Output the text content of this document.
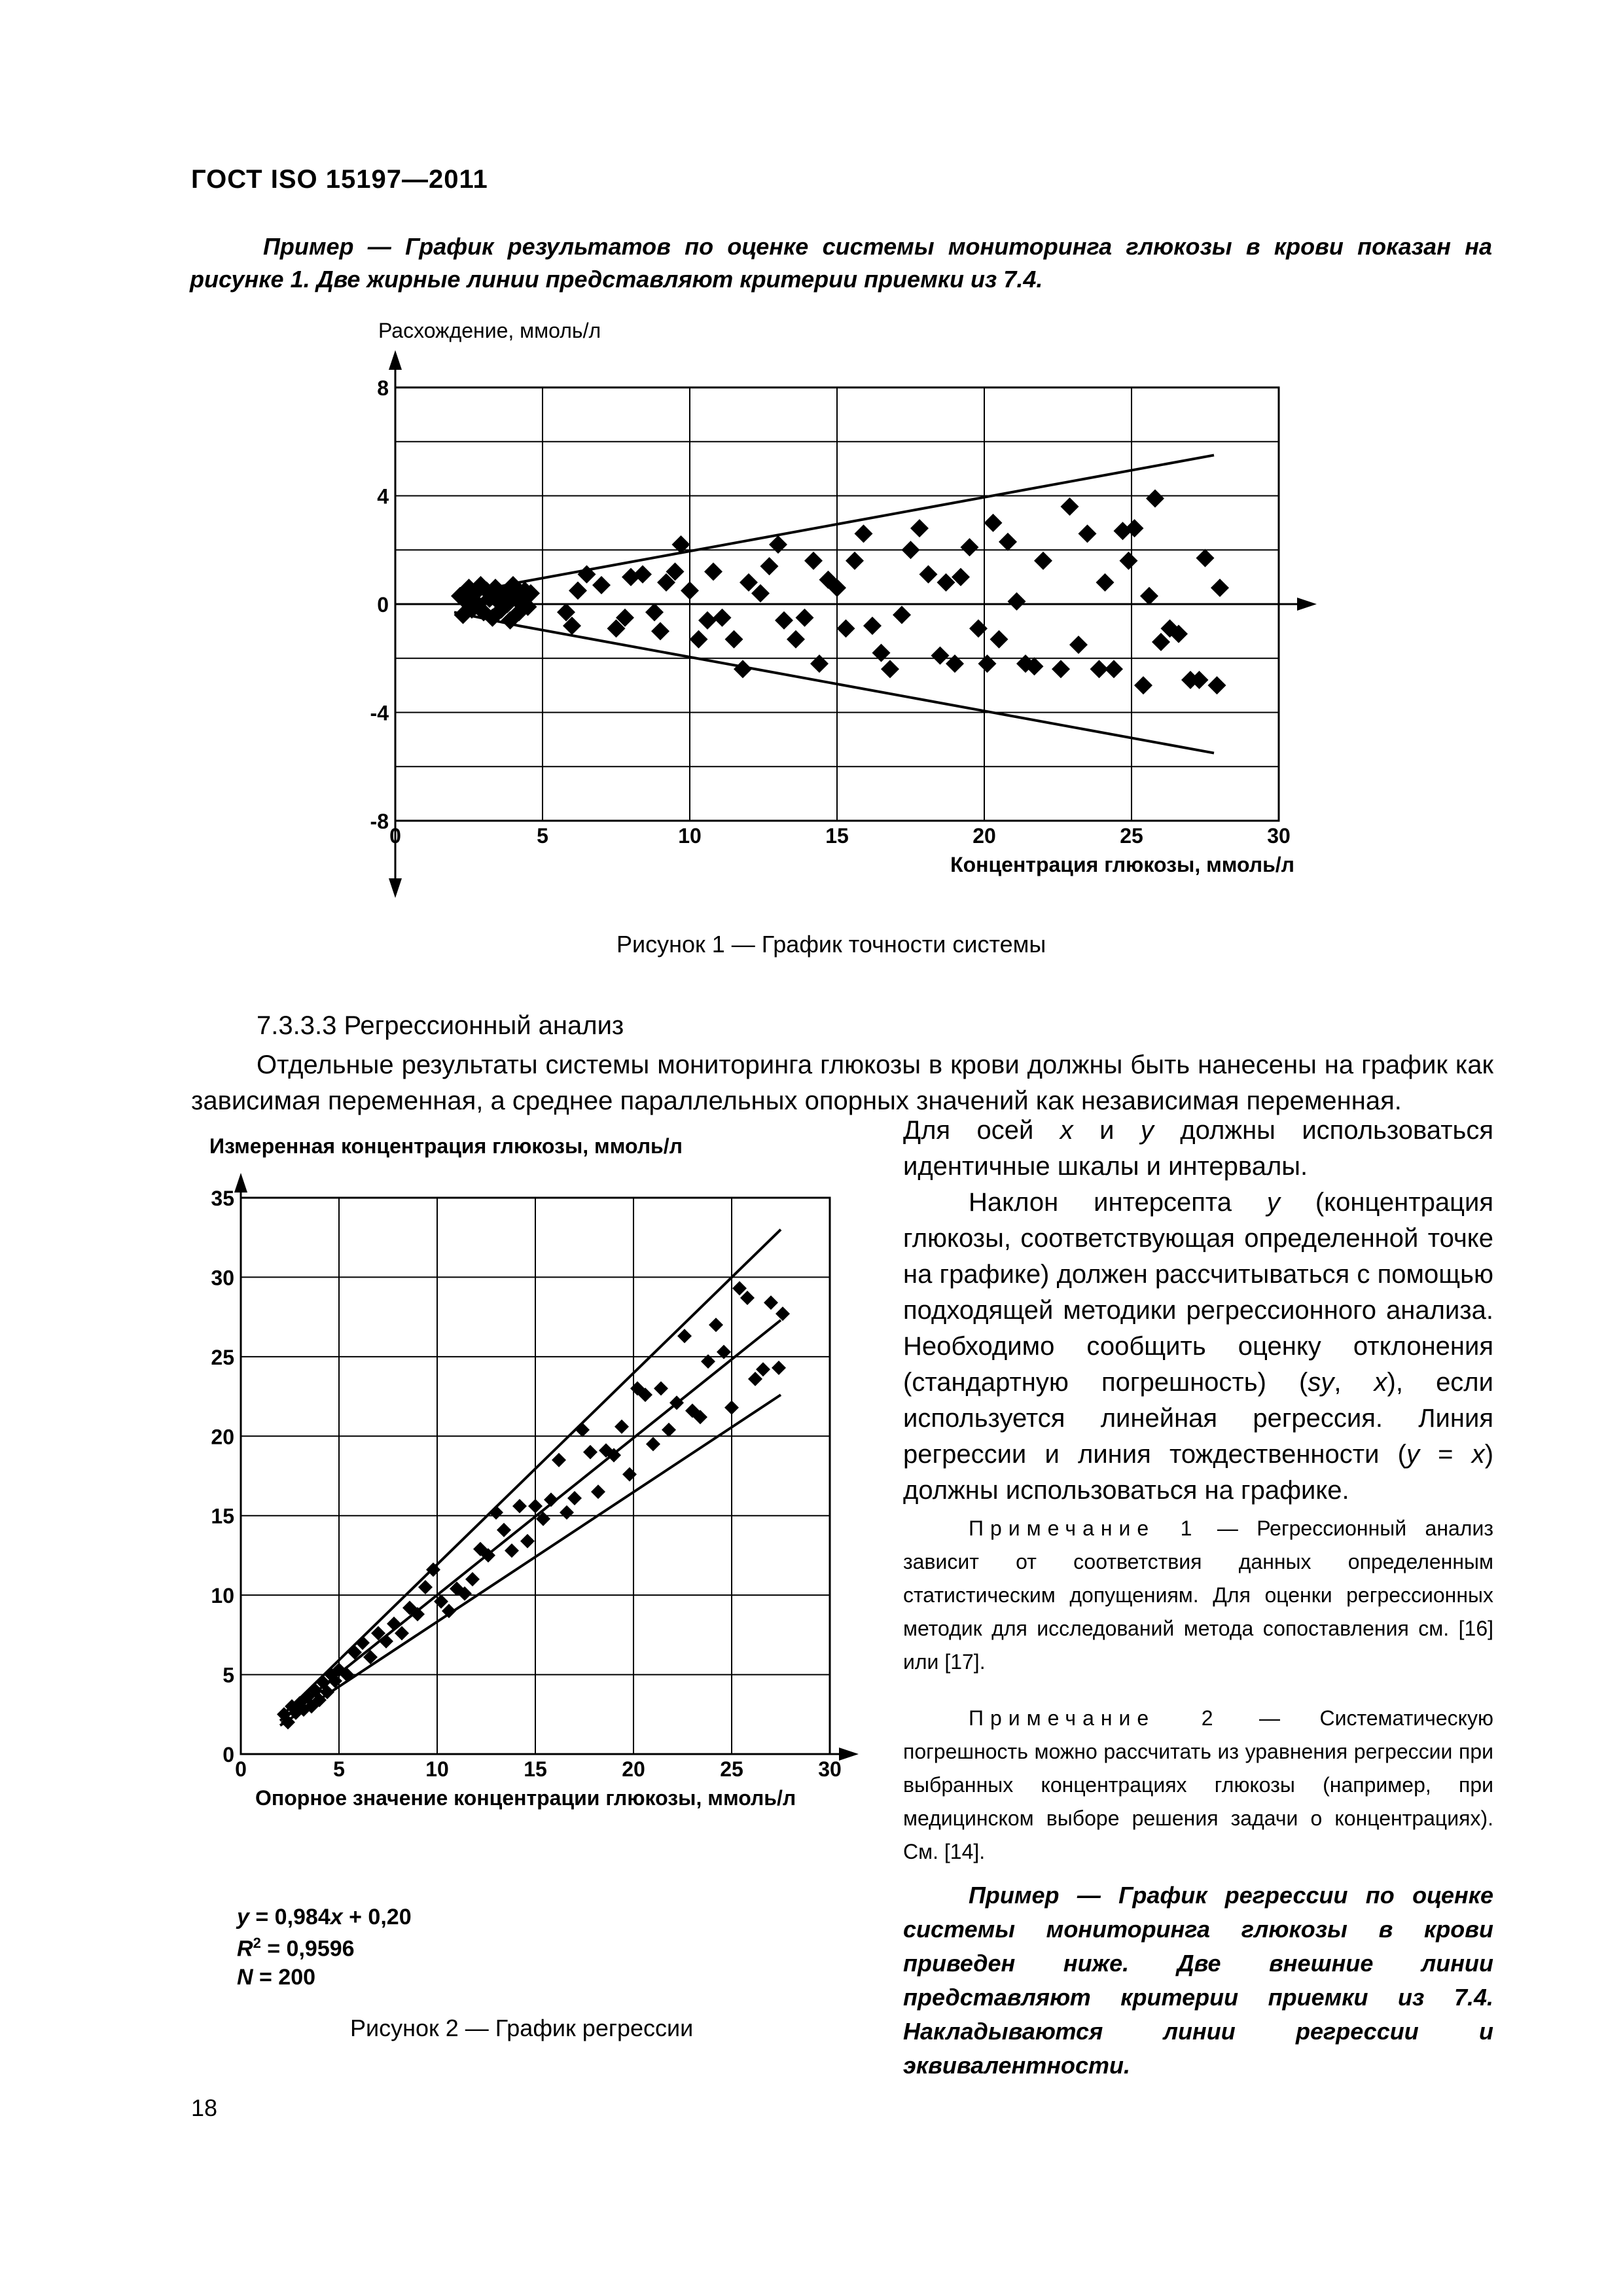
ГОСТ ISO 15197—2011

Пример — График результатов по оценке системы мониторинга глюкозы в крови показан на рисунке 1. Две жирные линии представляют критерии приемки из 7.4.

8
4
0
-4
-8
0	5	10	15	20	25	30
Расхождение, ммоль/л
Концентрация глюкозы, ммоль/л
Рисунок 1 — График точности системы
7.3.3.3 Регрессионный анализ

Отдельные результаты системы мониторинга глюкозы в крови должны быть нанесены на график как зависимая переменная, а среднее параллельных опорных значений как независимая переменная.

Для осей x и y должны использоваться идентичные шкалы и интервалы.

Наклон интерсепта y (концентрация глюкозы, соответствующая определенной точке на графике) должен рассчитываться с помощью подходящей методики регрессионного анализа. Необходимо сообщить оценку отклонения (стандартную погрешность) (sy, x), если используется линейная регрессия. Линия регрессии и линия тождественности (y = x) должны использоваться на графике.

Примечание 1 — Регрессионный анализ зависит от соответствия данных определенным статистическим допущениям. Для оценки регрессионных методик для исследований метода сопоставления см. [16] или [17].

Примечание 2 — Систематическую погрешность можно рассчитать из уравнения регрессии при выбранных концентрациях глюкозы (например, при медицинском выборе решения задачи о концентрациях). См. [14].

Пример — График регрессии по оценке системы мониторинга глюкозы в крови приведен ниже. Две внешние линии представляют критерии приемки из 7.4. Накладываются линии регрессии и эквивалентности.

35
30
25
20
15
10
5
0
0	5	10	15	20	25	30
Измеренная концентрация глюкозы, ммоль/л
Опорное значение концентрации глюкозы, ммоль/л
y = 0,984x + 0,20
$R^2 = 0,9596$
N = 200
Рисунок 2 — График регрессии
18
